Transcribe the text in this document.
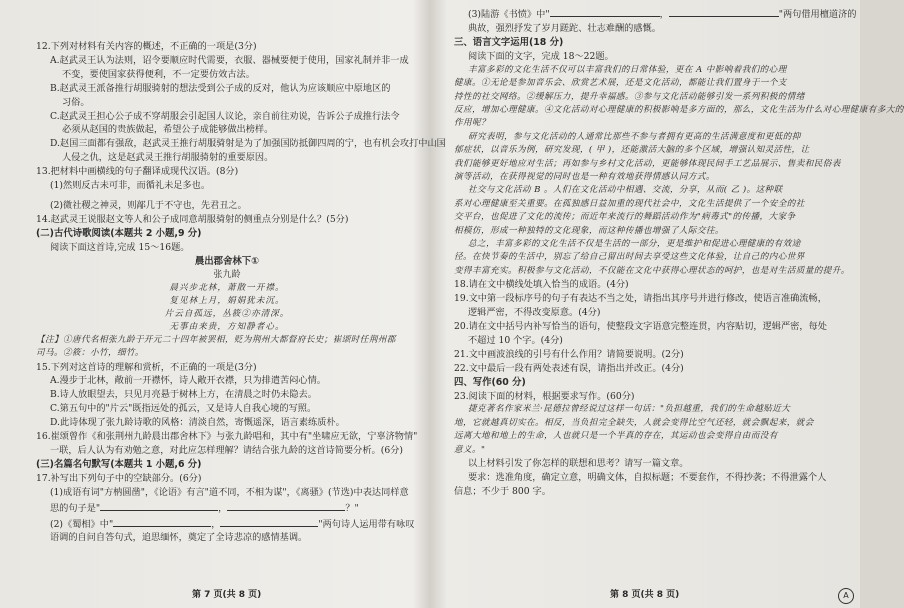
12.下列对材料有关内容的概述，不正确的一项是(3分)
A.赵武灵王认为法则，诏令要顺应时代需要，衣服、器械要便于使用，国家礼制并非一成
不变，要使国家获得便利，不一定要仿效古法。
B.赵武灵王派备推行胡服骑射的想法受到公子成的反对，他认为应该顺应中原地区的
习俗。
C.赵武灵王担心公子成不穿胡服会引起国人议论，亲自前往劝说，告诉公子成推行法令
必须从赵国的贵族做起，希望公子成能够做出榜样。
D.赵国三面都有强敌，赵武灵王推行胡服骑射是为了加强国防抵御四周的宁，也有机会攻打中山国
人侵之仇，这是赵武灵王推行胡服骑射的重要原因。
13.把材料中画横线的句子翻译成现代汉语。(8分)
(1)然则反古未可非，而循礼未足多也。
(2)微社稷之神灵，则鄗几于不守也，先君丑之。
14.赵武灵王说服赵文等人和公子成同意胡服骑射的侧重点分别是什么？(5分)
(二)古代诗歌阅读(本题共 2 小题,9 分)
阅读下面这首诗,完成 15～16题。
晨出郡舍林下①
张九龄
晨兴步北林，萧散一开襟。
复见林上月，娟娟犹未沉。
片云自孤远，丛筱②亦清深。
无事由来贵，方知静者心。
【注】①唐代名相张九龄于开元二十四年被罢相，贬为荆州大都督府长史；崔颂时任荆州郡
司马。②筱：小竹，细竹。
15.下列对这首诗的理解和赏析，不正确的一项是(3分)
A.漫步于北林，敞前一开襟怀，诗人敞开衣襟，只为排遣苦闷心情。
B.诗人放眼望去，只见月亮悬于树林上方，在清晨之时仍未隐去。
C.第五句中的"片云"既指远处的孤云，又是诗人自我心境的写照。
D.此诗体现了张九龄诗歌的风格：清淡自然，寄慨遥深，语言素练质朴。
16.崔颂曾作《和张荆州九龄晨出郡舍林下》与张九龄唱和，其中有"坐啸应无欲，宁辜济物情"
一联，后人认为有劝勉之意，对此应怎样理解？请结合张九龄的这首诗简要分析。(6分)
(三)名篇名句默写(本题共 1 小题,6 分)
17.补写出下列句子中的空缺部分。(6分)
(1)成语有词"方枘圆凿"，《论语》有言"道不同，不相为谋"，《离骚》(节选)中表达同样意
思的句子是"	，	？"
(2)《蜀相》中"	，	"两句诗人运用带有咏叹
语调的自问自答句式，追思缅怀，奠定了全诗悲凉的感情基调。
第 7 页(共 8 页)
(3)陆游《书愤》中"	，	"两句借用檀道济的
典故，强烈抒发了岁月蹉跎、壮志难酬的感慨。
三、语言文字运用(18 分)
阅读下面的文字，完成 18～22题。
丰富多彩的文化生活不仅可以丰富我们的日常体验，更在 A 中影响着我们的心理
健康。①无论是参加音乐会、欣赏艺术展，还是文化活动，都能让我们置身于一个支
持性的社交网络。②缓解压力，提升幸福感。③参与文化活动能够引发一系列积极的情绪
反应，增加心理健康。④文化活动对心理健康的积极影响是多方面的，那么，文化生活为什么对心理健康有多大的
作用呢？
研究表明，参与文化活动的人通常比那些不参与者拥有更高的生活满意度和更低的抑
郁症状，以音乐为例，研究发现，( 甲 )，还能激活大脑的多个区域，增强认知灵活性，让
我们能够更好地应对生活；再如参与乡村文化活动，更能够体现民间手工艺品展示、售卖和民俗表
演等活动，在获得视觉的同时也是一种有效地获得情感认同方式。
社交与文化活动 B 。人们在文化活动中相遇、交流，分享，从而( 乙 )。这种联
系对心理健康至关重要。在孤独感日益加重的现代社会中，文化生活提供了一个安全的社
交平台，也促进了文化的流传；而近年来流行的舞蹈活动作为"病毒式"的传播，大家争
相模仿，形成一种独特的文化现象，而这种传播也增强了人际交往。
总之，丰富多彩的文化生活不仅是生活的一部分，更是维护和促进心理健康的有效途
径。在快节奏的生活中，别忘了给自己留出时间去享受这些文化体验，让自己的内心世界
变得丰富充实。积极参与文化活动，不仅能在文化中获得心理状态的呵护，也是对生活质量的提升。
18.请在文中横线处填入恰当的成语。(4分)
19.文中第一段标序号的句子有表达不当之处，请指出其序号并进行修改，使语言准确流畅，
逻辑严密，不得改变原意。(4分)
20.请在文中括号内补写恰当的语句，使整段文字语意完整连贯，内容贴切，逻辑严密，每处
不超过 10 个字。(4分)
21.文中画波浪线的引号有什么作用？请简要说明。(2分)
22.文中最后一段有两处表述有误，请指出并改正。(4分)
四、写作(60 分)
23.阅读下面的材料，根据要求写作。(60分)
捷克著名作家米兰·昆德拉曾经说过这样一句话："负担越重，我们的生命越贴近大
地，它就越真切实在。相反，当负担完全缺失，人就会变得比空气还轻，就会飘起来，就会
远离大地和地上的生命，人也就只是一个半真的存在，其运动也会变得自由而没有
意义。"
以上材料引发了你怎样的联想和思考？请写一篇文章。
要求：选准角度，确定立意，明确文体，自拟标题；不要套作，不得抄袭；不得泄露个人
信息；不少于 800 字。
第 8 页(共 8 页)	A
